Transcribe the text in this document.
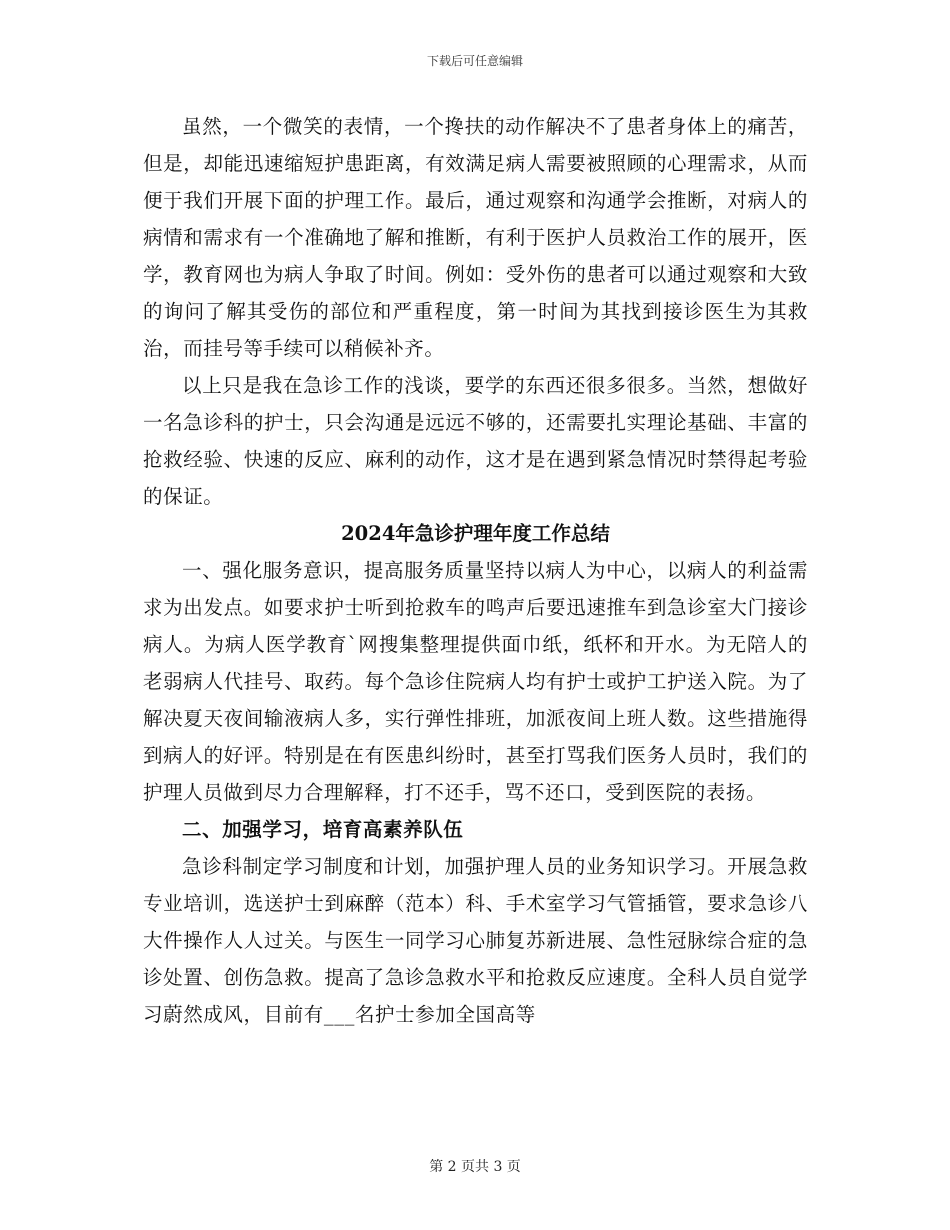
下载后可任意编辑

虽然，一个微笑的表情，一个搀扶的动作解决不了患者身体上的痛苦，但是，却能迅速缩短护患距离，有效满足病人需要被照顾的心理需求，从而便于我们开展下面的护理工作。最后，通过观察和沟通学会推断，对病人的病情和需求有一个准确地了解和推断，有利于医护人员救治工作的展开，医学，教育网也为病人争取了时间。例如：受外伤的患者可以通过观察和大致的询问了解其受伤的部位和严重程度，第一时间为其找到接诊医生为其救治，而挂号等手续可以稍候补齐。

以上只是我在急诊工作的浅谈，要学的东西还很多很多。当然，想做好一名急诊科的护士，只会沟通是远远不够的，还需要扎实理论基础、丰富的抢救经验、快速的反应、麻利的动作，这才是在遇到紧急情况时禁得起考验的保证。

2024年急诊护理年度工作总结

一、强化服务意识，提高服务质量坚持以病人为中心，以病人的利益需求为出发点。如要求护士听到抢救车的鸣声后要迅速推车到急诊室大门接诊病人。为病人医学教育`网搜集整理提供面巾纸，纸杯和开水。为无陪人的老弱病人代挂号、取药。每个急诊住院病人均有护士或护工护送入院。为了解决夏天夜间输液病人多，实行弹性排班，加派夜间上班人数。这些措施得到病人的好评。特别是在有医患纠纷时，甚至打骂我们医务人员时，我们的护理人员做到尽力合理解释，打不还手，骂不还口，受到医院的表扬。

二、加强学习，培育高素养队伍

急诊科制定学习制度和计划，加强护理人员的业务知识学习。开展急救专业培训，选送护士到麻醉（范本）科、手术室学习气管插管，要求急诊八大件操作人人过关。与医生一同学习心肺复苏新进展、急性冠脉综合症的急诊处置、创伤急救。提高了急诊急救水平和抢救反应速度。全科人员自觉学习蔚然成风，目前有___名护士参加全国高等

第 2 页共 3 页
